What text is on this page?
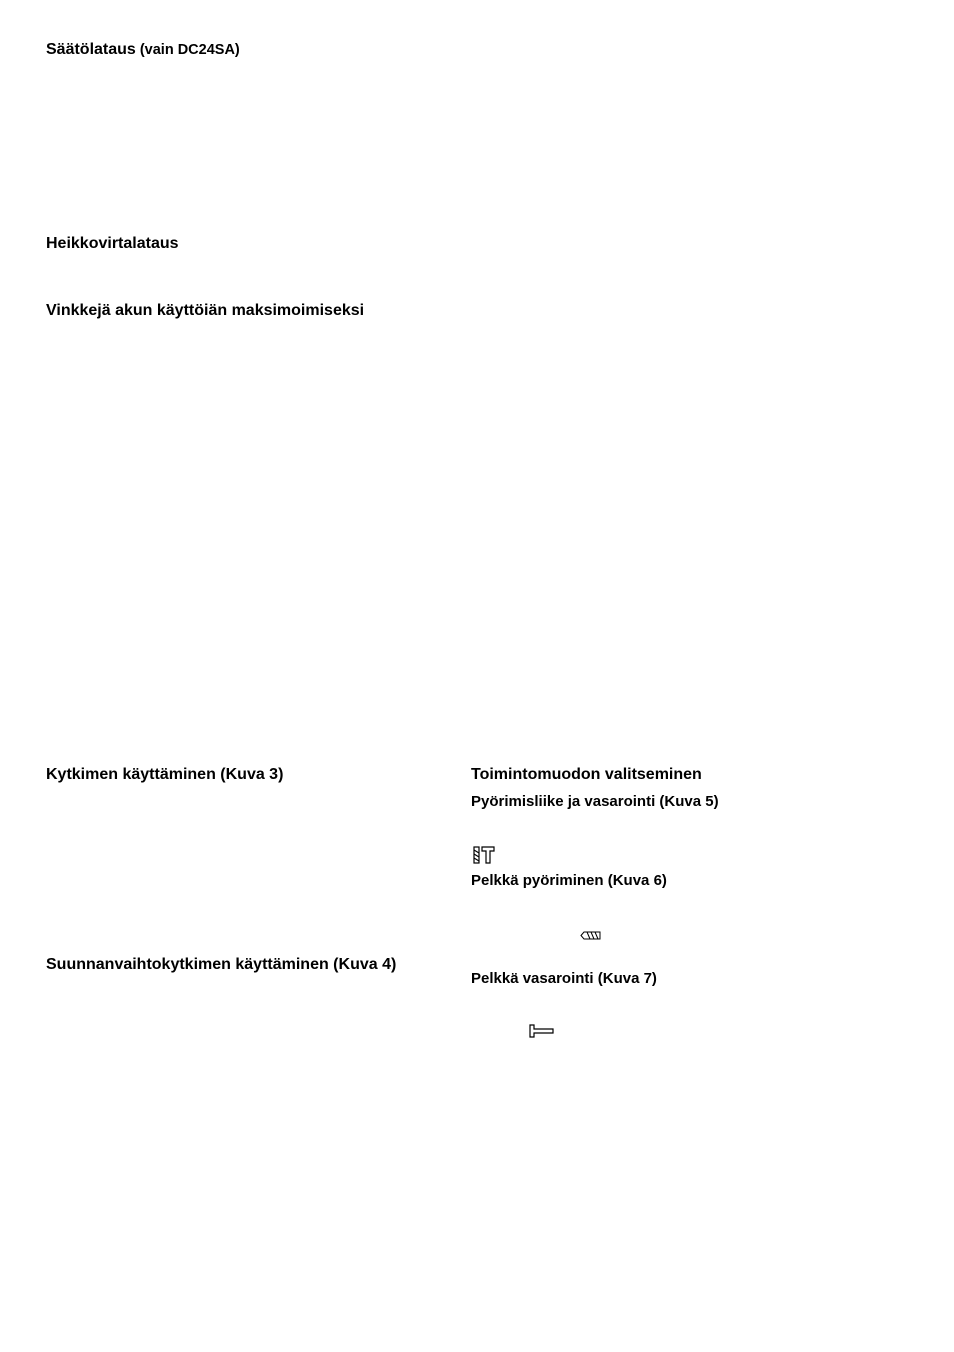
Säätölataus (vain DC24SA)
Heikkovirtalataus
Vinkkejä akun käyttöiän maksimoimiseksi
Kytkimen käyttäminen (Kuva 3)
Suunnanvaihtokytkimen käyttäminen (Kuva 4)
Toimintomuodon valitseminen
Pyörimisliike ja vasarointi (Kuva 5)
Pelkkä pyöriminen (Kuva 6)
Pelkkä vasarointi (Kuva 7)
